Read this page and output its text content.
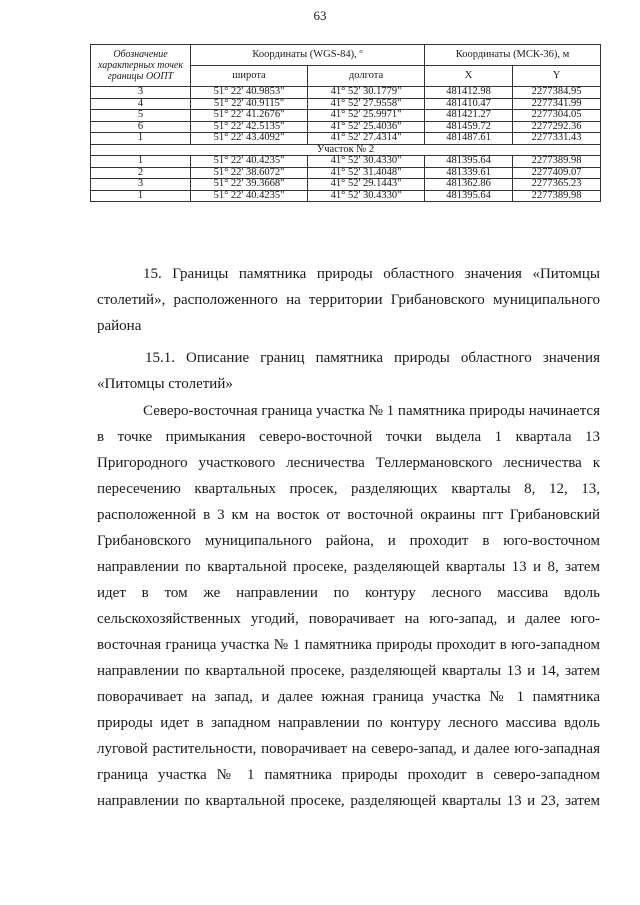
63
Обозначение характерных точек границы ООПТ	Координаты (WGS-84), º		Координаты (МСК-36), м	
	широта	долгота	X	Y
3	51° 22' 40.9853"	41° 52' 30.1779"	481412.98	2277384.95
4	51° 22' 40.9115"	41° 52' 27.9558"	481410.47	2277341.99
5	51° 22' 41.2676"	41° 52' 25.9971"	481421.27	2277304.05
6	51° 22' 42.5135"	41° 52' 25.4036"	481459.72	2277292.36
1	51° 22' 43.4092"	41° 52' 27.4314"	481487.61	2277331.43
Участок № 2				
1	51° 22' 40.4235"	41° 52' 30.4330"	481395.64	2277389.98
2	51° 22' 38.6072"	41° 52' 31.4048"	481339.61	2277409.07
3	51° 22' 39.3668"	41° 52' 29.1443"	481362.86	2277365.23
1	51° 22' 40.4235"	41° 52' 30.4330"	481395.64	2277389.98
15. Границы памятника природы областного значения «Питомцы
столетий», расположенного на территории Грибановского муниципального
района
15.1. Описание границ памятника природы областного значения
«Питомцы столетий»
Северо-восточная граница участка № 1 памятника природы начинается
в точке примыкания северо-восточной точки выдела 1 квартала 13
Пригородного участкового лесничества Теллермановского лесничества к
пересечению квартальных просек, разделяющих кварталы 8, 12, 13,
расположенной в 3 км на восток от восточной окраины пгт Грибановский
Грибановского муниципального района, и проходит в юго-восточном
направлении по квартальной просеке, разделяющей кварталы 13 и 8, затем
идет в том же направлении по контуру лесного массива вдоль
сельскохозяйственных угодий, поворачивает на юго-запад, и далее юго-
восточная граница участка № 1 памятника природы проходит в юго-западном
направлении по квартальной просеке, разделяющей кварталы 13 и 14, затем
поворачивает на запад, и далее южная граница участка № 1 памятника
природы идет в западном направлении по контуру лесного массива вдоль
луговой растительности, поворачивает на северо-запад, и далее юго-западная
граница участка № 1 памятника природы проходит в северо-западном
направлении по квартальной просеке, разделяющей кварталы 13 и 23, затем
